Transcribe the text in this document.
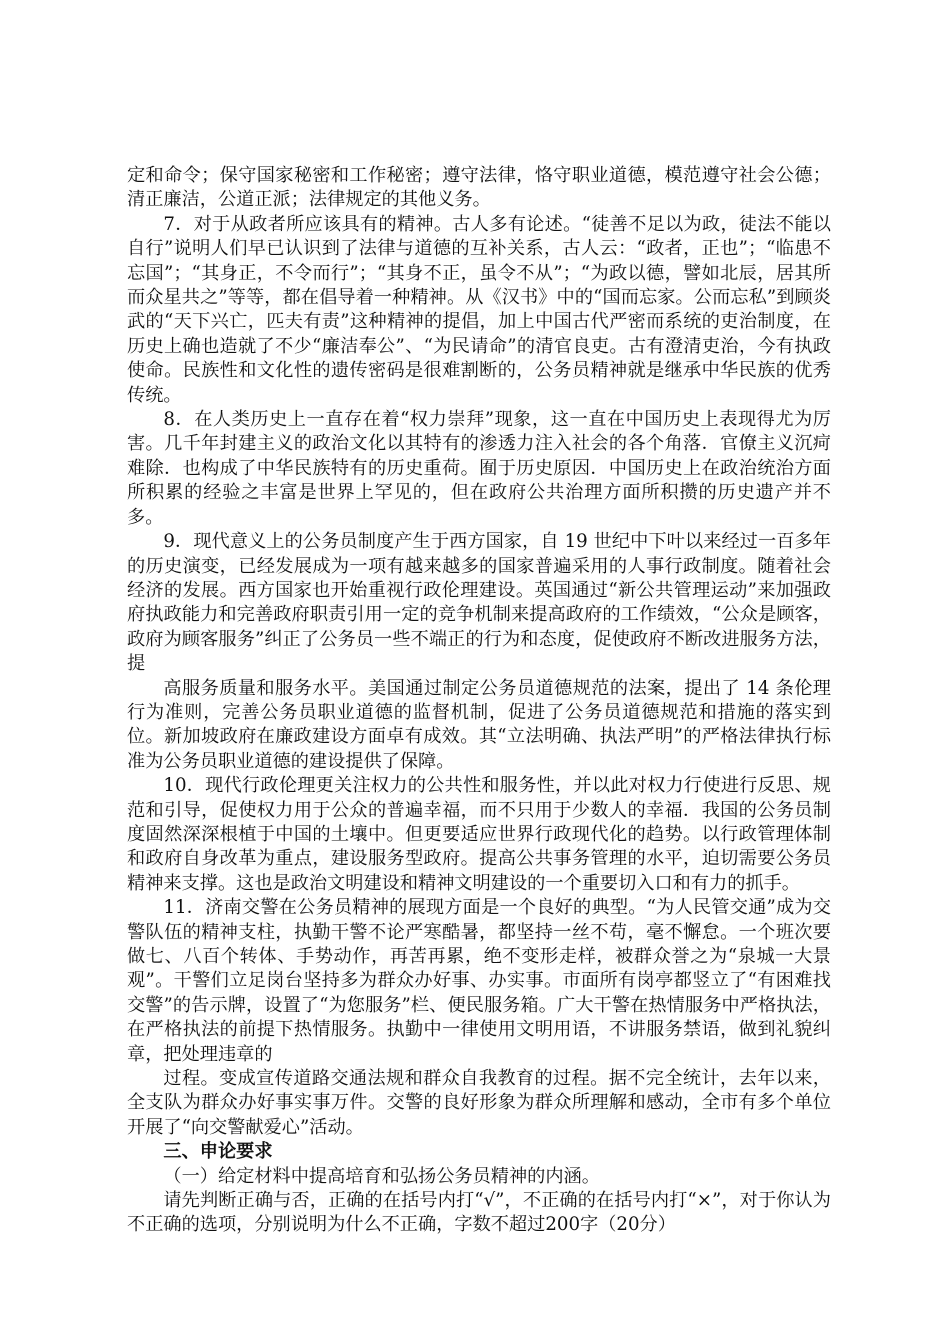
定和命令；保守国家秘密和工作秘密；遵守法律，恪守职业道德，模范遵守社会公德；清正廉洁，公道正派；法律规定的其他义务。

7．对于从政者所应该具有的精神。古人多有论述。“徒善不足以为政，徒法不能以自行”说明人们早已认识到了法律与道德的互补关系，古人云：“政者，正也”；“临患不忘国”；“其身正，不令而行”；“其身不正，虽令不从”；“为政以德，譬如北辰，居其所而众星共之”等等，都在倡导着一种精神。从《汉书》中的“国而忘家。公而忘私”到顾炎武的“天下兴亡，匹夫有责”这种精神的提倡，加上中国古代严密而系统的吏治制度，在历史上确也造就了不少“廉洁奉公”、“为民请命”的清官良吏。古有澄清吏治，今有执政使命。民族性和文化性的遗传密码是很难割断的，公务员精神就是继承中华民族的优秀传统。

8．在人类历史上一直存在着“权力崇拜”现象，这一直在中国历史上表现得尤为厉害。几千年封建主义的政治文化以其特有的渗透力注入社会的各个角落．官僚主义沉疴难除．也构成了中华民族特有的历史重荷。囿于历史原因．中国历史上在政治统治方面所积累的经验之丰富是世界上罕见的，但在政府公共治理方面所积攒的历史遗产并不多。

9．现代意义上的公务员制度产生于西方国家，自 19 世纪中下叶以来经过一百多年的历史演变，已经发展成为一项有越来越多的国家普遍采用的人事行政制度。随着社会经济的发展。西方国家也开始重视行政伦理建设。英国通过“新公共管理运动”来加强政府执政能力和完善政府职责引用一定的竞争机制来提高政府的工作绩效，“公众是顾客，政府为顾客服务”纠正了公务员一些不端正的行为和态度，促使政府不断改进服务方法，提

高服务质量和服务水平。美国通过制定公务员道德规范的法案，提出了 14 条伦理行为准则，完善公务员职业道德的监督机制，促进了公务员道德规范和措施的落实到位。新加坡政府在廉政建设方面卓有成效。其“立法明确、执法严明”的严格法律执行标准为公务员职业道德的建设提供了保障。

10．现代行政伦理更关注权力的公共性和服务性，并以此对权力行使进行反思、规范和引导，促使权力用于公众的普遍幸福，而不只用于少数人的幸福．我国的公务员制度固然深深根植于中国的土壤中。但更要适应世界行政现代化的趋势。以行政管理体制和政府自身改革为重点，建设服务型政府。提高公共事务管理的水平，迫切需要公务员精神来支撑。这也是政治文明建设和精神文明建设的一个重要切入口和有力的抓手。

11．济南交警在公务员精神的展现方面是一个良好的典型。“为人民管交通”成为交警队伍的精神支柱，执勤干警不论严寒酷暑，都坚持一丝不苟，毫不懈怠。一个班次要做七、八百个转体、手势动作，再苦再累，绝不变形走样，被群众誉之为“泉城一大景观”。干警们立足岗台坚持多为群众办好事、办实事。市面所有岗亭都竖立了“有困难找交警”的告示牌，设置了“为您服务”栏、便民服务箱。广大干警在热情服务中严格执法，在严格执法的前提下热情服务。执勤中一律使用文明用语，不讲服务禁语，做到礼貌纠章，把处理违章的

过程。变成宣传道路交通法规和群众自我教育的过程。据不完全统计，去年以来，全支队为群众办好事实事万件。交警的良好形象为群众所理解和感动，全市有多个单位开展了“向交警献爱心”活动。

三、申论要求

（一）给定材料中提高培育和弘扬公务员精神的内涵。

请先判断正确与否，正确的在括号内打“√”，不正确的在括号内打“×”，对于你认为不正确的选项，分别说明为什么不正确，字数不超过200字（20分）
